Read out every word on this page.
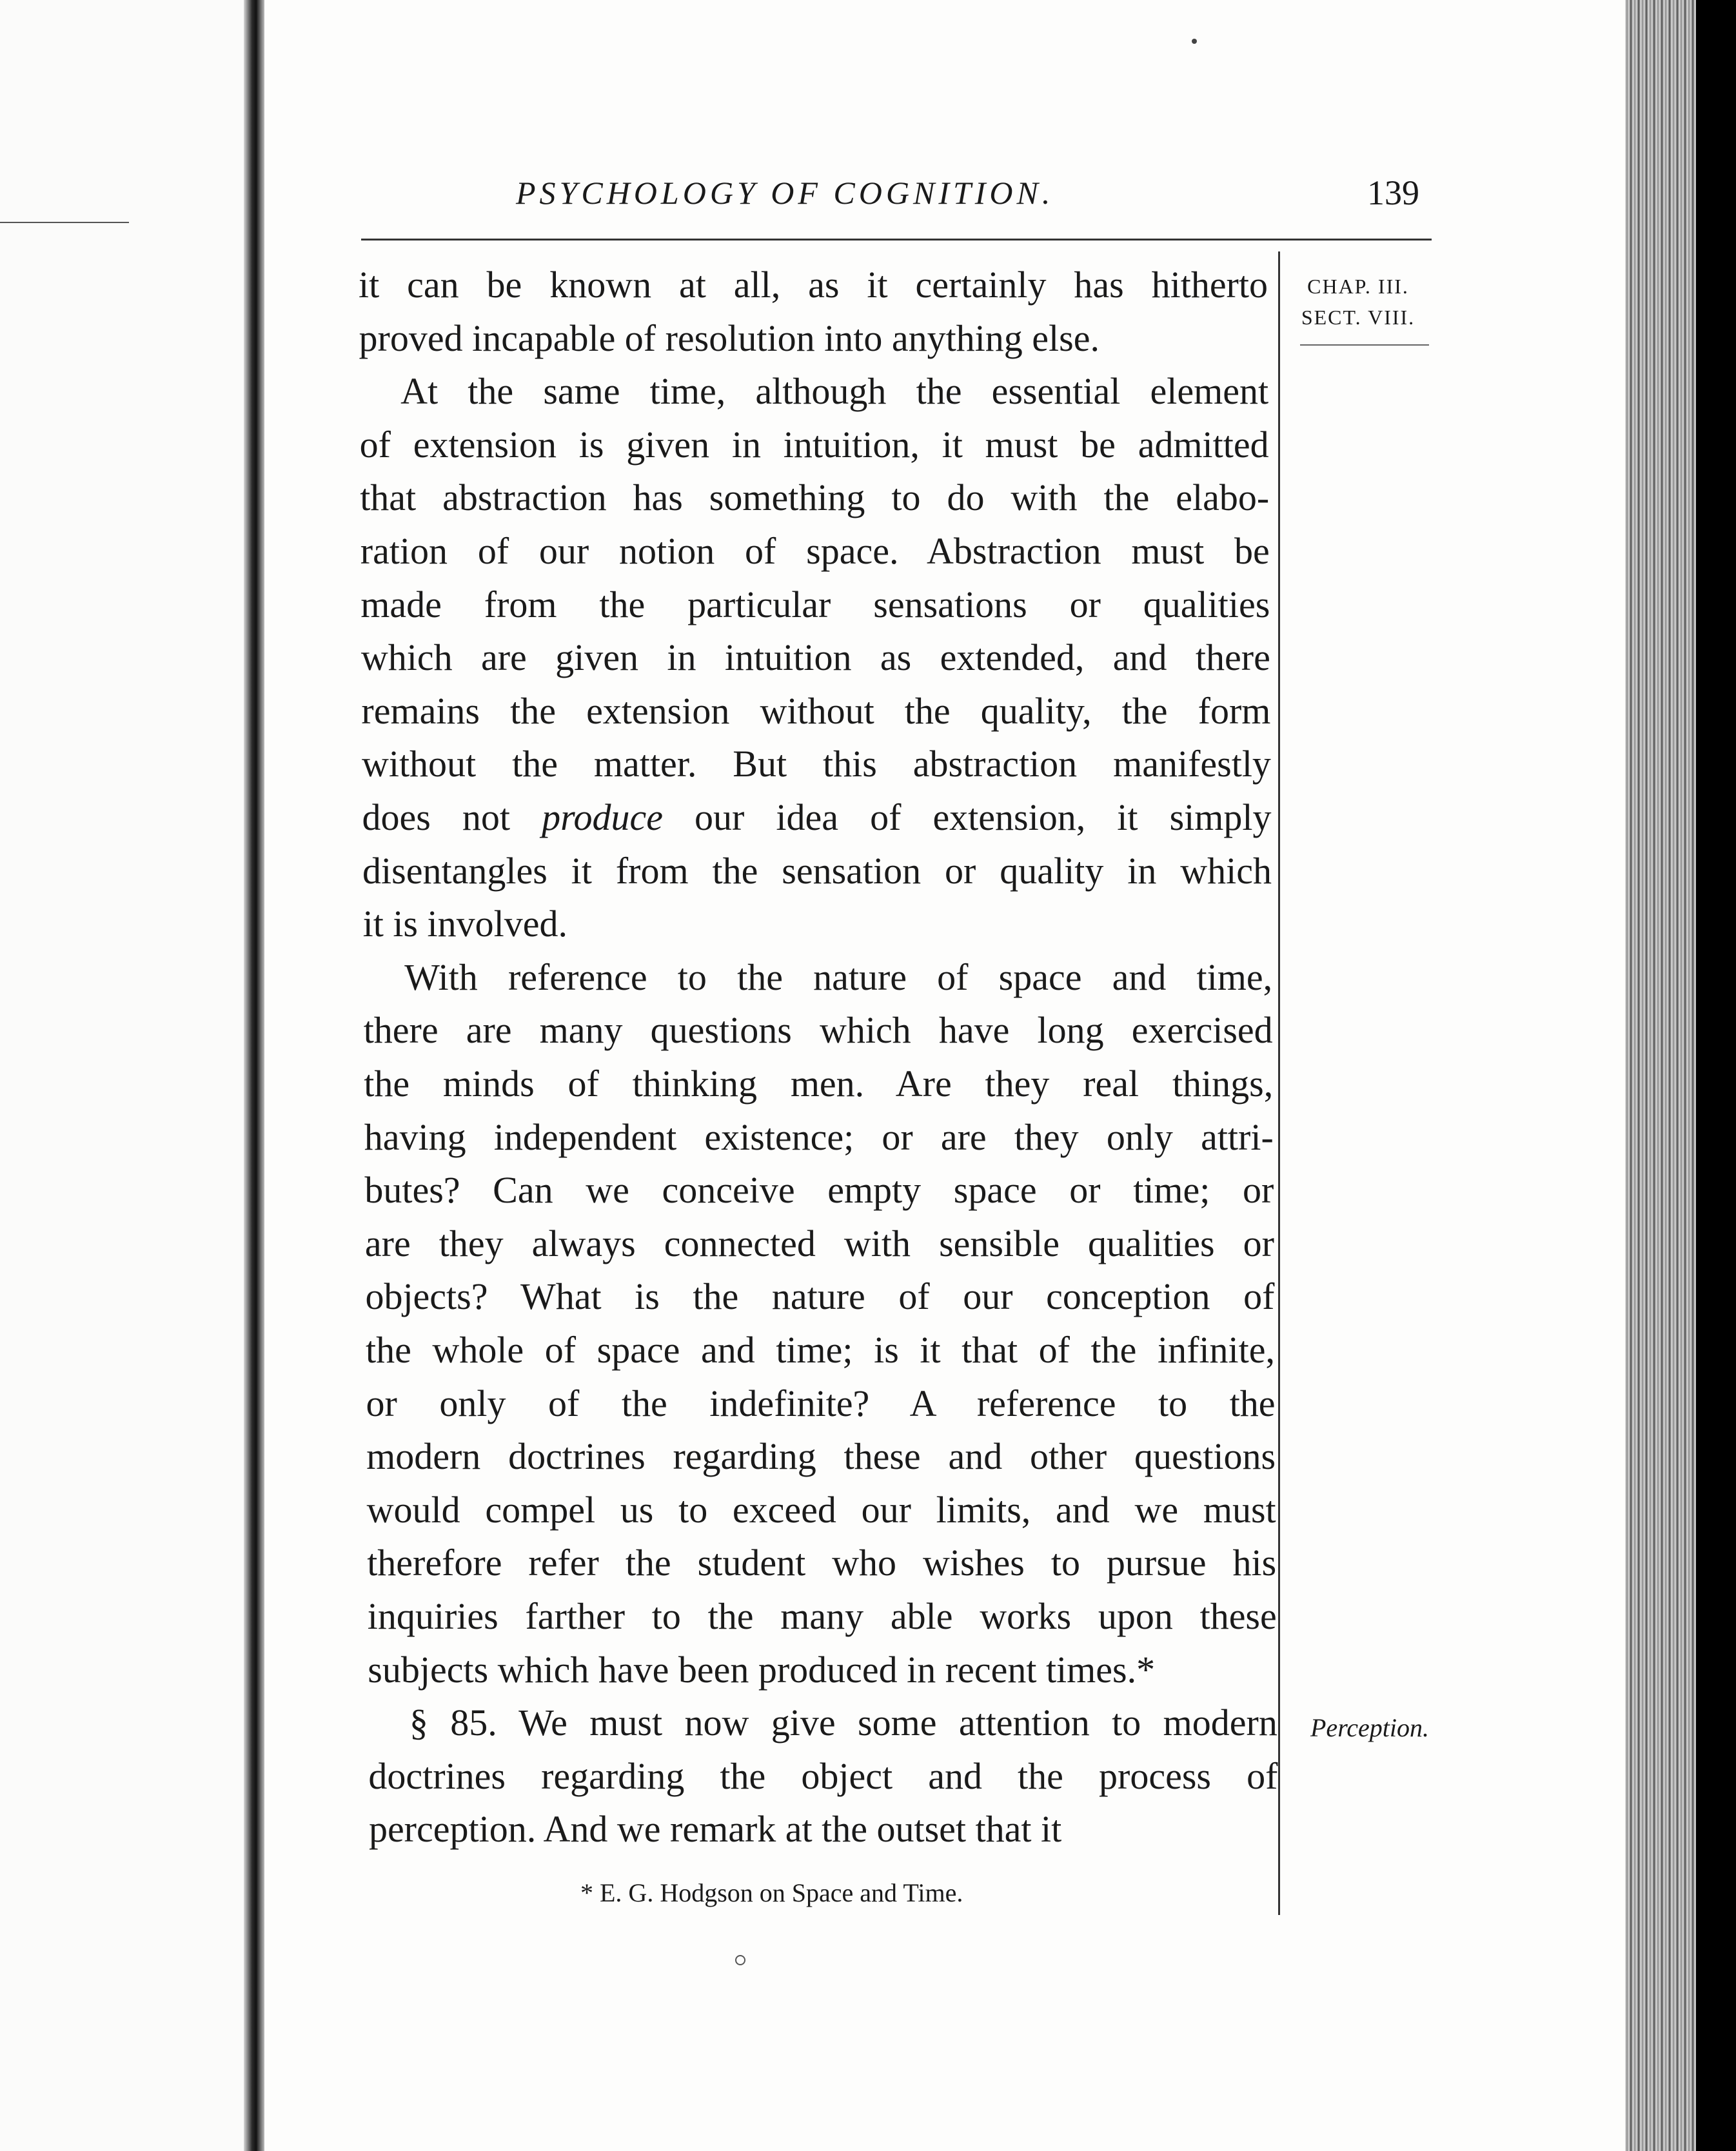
PSYCHOLOGY OF COGNITION.	139
CHAP. III.
SECT. VIII.
Perception.
it can be known at all, as it certainly has hitherto
proved incapable of resolution into anything else.
At the same time, although the essential element
of extension is given in intuition, it must be admitted
that abstraction has something to do with the elabo-
ration of our notion of space. Abstraction must be
made from the particular sensations or qualities
which are given in intuition as extended, and there
remains the extension without the quality, the form
without the matter. But this abstraction manifestly
does not produce our idea of extension, it simply
disentangles it from the sensation or quality in which
it is involved.
With reference to the nature of space and time,
there are many questions which have long exercised
the minds of thinking men. Are they real things,
having independent existence; or are they only attri-
butes? Can we conceive empty space or time; or
are they always connected with sensible qualities or
objects? What is the nature of our conception of
the whole of space and time; is it that of the infinite,
or only of the indefinite? A reference to the
modern doctrines regarding these and other questions
would compel us to exceed our limits, and we must
therefore refer the student who wishes to pursue his
inquiries farther to the many able works upon these
subjects which have been produced in recent times.*
§ 85. We must now give some attention to modern
doctrines regarding the object and the process of
perception. And we remark at the outset that it
* E. G. Hodgson on Space and Time.
